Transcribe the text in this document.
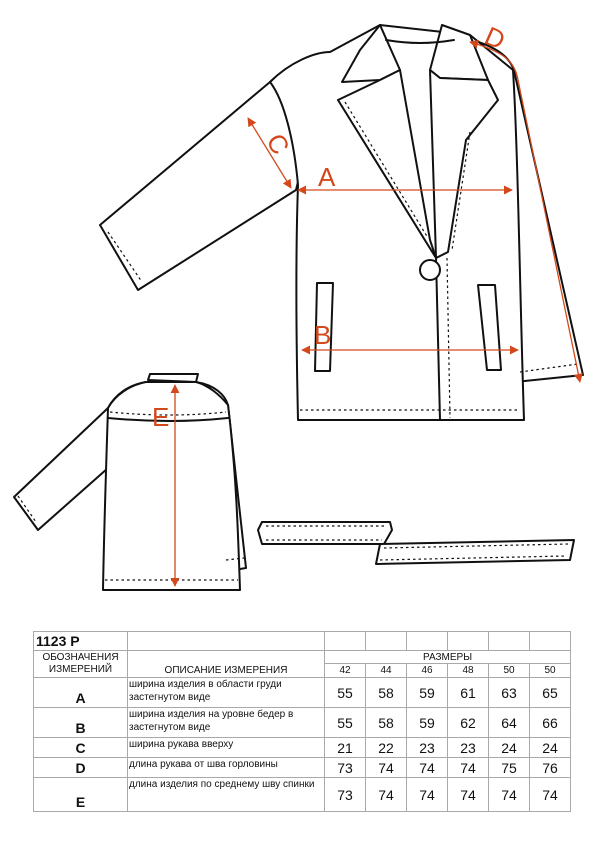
A
B
C
D
E
1123 Р							
ОБОЗНАЧЕНИЯ ИЗМЕРЕНИЙ	ОПИСАНИЕ ИЗМЕРЕНИЯ	РАЗМЕРЫ					
		42	44	46	48	50	50
A	ширина изделия в области груди застегнутом виде	55	58	59	61	63	65
B	ширина изделия на уровне бедер в застегнутом виде	55	58	59	62	64	66
C	ширина рукава вверху	21	22	23	23	24	24
D	длина рукава от шва горловины	73	74	74	74	75	76
E	длина изделия по среднему шву спинки	73	74	74	74	74	74
